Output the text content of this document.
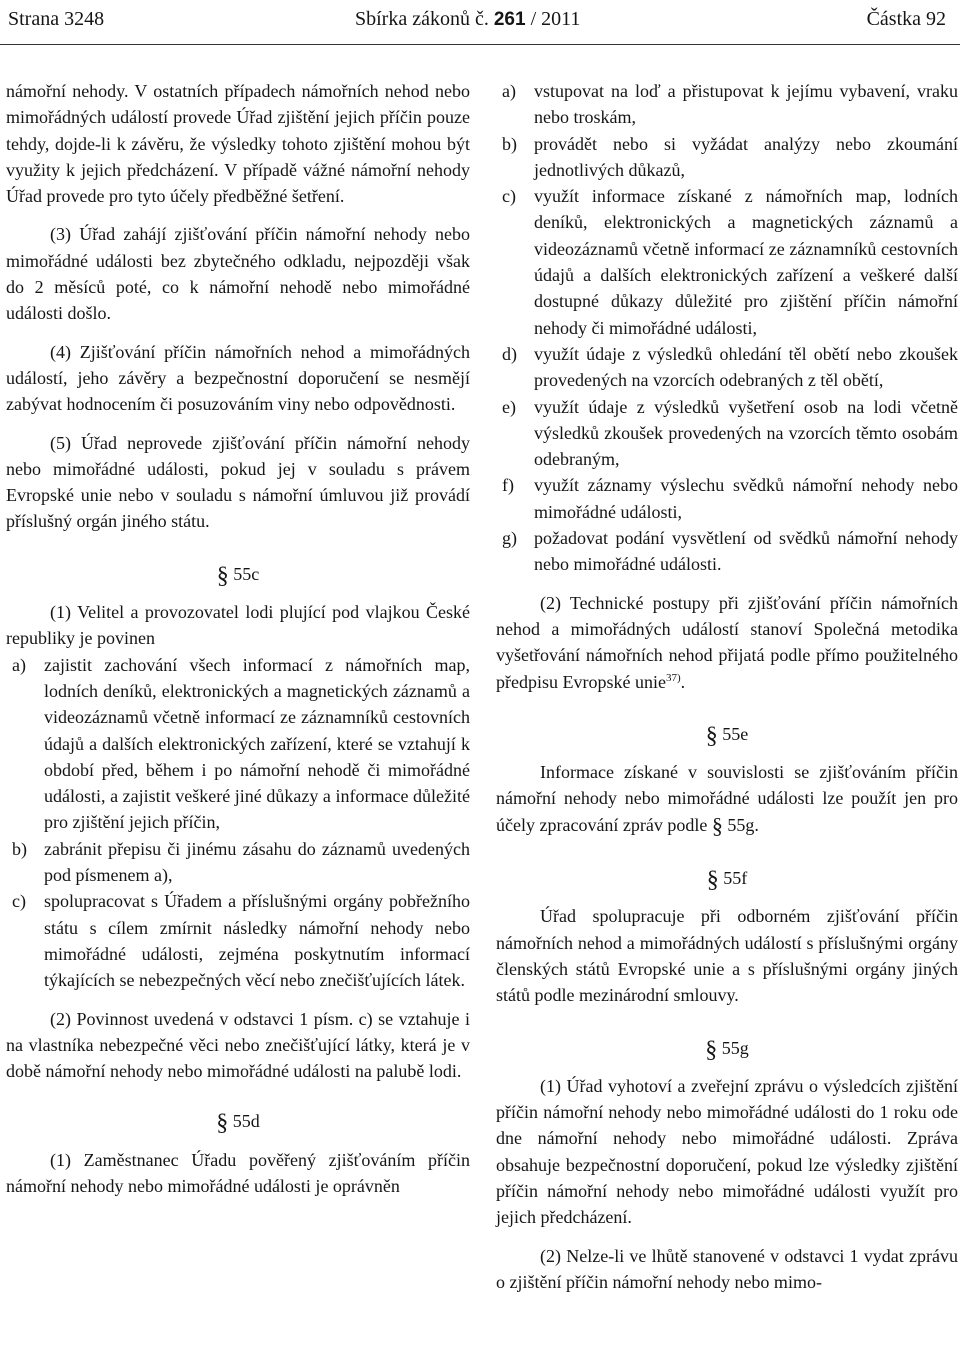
Strana 3248	Sbírka zákonů č. 261 / 2011	Částka 92

námořní nehody. V ostatních případech námořních nehod nebo mimořádných událostí provede Úřad zjištění jejich příčin pouze tehdy, dojde-li k závěru, že výsledky tohoto zjištění mohou být využity k jejich předcházení. V případě vážné námořní nehody Úřad provede pro tyto účely předběžné šetření.

(3) Úřad zahájí zjišťování příčin námořní nehody nebo mimořádné události bez zbytečného odkladu, nejpozději však do 2 měsíců poté, co k námořní nehodě nebo mimořádné události došlo.

(4) Zjišťování příčin námořních nehod a mimořádných událostí, jeho závěry a bezpečnostní doporučení se nesmějí zabývat hodnocením či posuzováním viny nebo odpovědnosti.

(5) Úřad neprovede zjišťování příčin námořní nehody nebo mimořádné události, pokud jej v souladu s právem Evropské unie nebo v souladu s námořní úmluvou již provádí příslušný orgán jiného státu.

§ 55c

(1) Velitel a provozovatel lodi plující pod vlajkou České republiky je povinen

a) zajistit zachování všech informací z námořních map, lodních deníků, elektronických a magnetických záznamů a videozáznamů včetně informací ze záznamníků cestovních údajů a dalších elektronických zařízení, které se vztahují k období před, během i po námořní nehodě či mimořádné události, a zajistit veškeré jiné důkazy a informace důležité pro zjištění jejich příčin,

b) zabránit přepisu či jinému zásahu do záznamů uvedených pod písmenem a),

c) spolupracovat s Úřadem a příslušnými orgány pobřežního státu s cílem zmírnit následky námořní nehody nebo mimořádné události, zejména poskytnutím informací týkajících se nebezpečných věcí nebo znečišťujících látek.

(2) Povinnost uvedená v odstavci 1 písm. c) se vztahuje i na vlastníka nebezpečné věci nebo znečišťující látky, která je v době námořní nehody nebo mimořádné události na palubě lodi.

§ 55d

(1) Zaměstnanec Úřadu pověřený zjišťováním příčin námořní nehody nebo mimořádné události je oprávněn

a) vstupovat na loď a přistupovat k jejímu vybavení, vraku nebo troskám,

b) provádět nebo si vyžádat analýzy nebo zkoumání jednotlivých důkazů,

c) využít informace získané z námořních map, lodních deníků, elektronických a magnetických záznamů a videozáznamů včetně informací ze záznamníků cestovních údajů a dalších elektronických zařízení a veškeré další dostupné důkazy důležité pro zjištění příčin námořní nehody či mimořádné události,

d) využít údaje z výsledků ohledání těl obětí nebo zkoušek provedených na vzorcích odebraných z těl obětí,

e) využít údaje z výsledků vyšetření osob na lodi včetně výsledků zkoušek provedených na vzorcích těmto osobám odebraným,

f) využít záznamy výslechu svědků námořní nehody nebo mimořádné události,

g) požadovat podání vysvětlení od svědků námořní nehody nebo mimořádné události.

(2) Technické postupy při zjišťování příčin námořních nehod a mimořádných událostí stanoví Společná metodika vyšetřování námořních nehod přijatá podle přímo použitelného předpisu Evropské unie$^{37)}$.

§ 55e

Informace získané v souvislosti se zjišťováním příčin námořní nehody nebo mimořádné události lze použít jen pro účely zpracování zpráv podle § 55g.

§ 55f

Úřad spolupracuje při odborném zjišťování příčin námořních nehod a mimořádných událostí s příslušnými orgány členských států Evropské unie a s příslušnými orgány jiných států podle mezinárodní smlouvy.

§ 55g

(1) Úřad vyhotoví a zveřejní zprávu o výsledcích zjištění příčin námořní nehody nebo mimořádné události do 1 roku ode dne námořní nehody nebo mimořádné události. Zpráva obsahuje bezpečnostní doporučení, pokud lze výsledky zjištění příčin námořní nehody nebo mimořádné události využít pro jejich předcházení.

(2) Nelze-li ve lhůtě stanovené v odstavci 1 vydat zprávu o zjištění příčin námořní nehody nebo mimo-
